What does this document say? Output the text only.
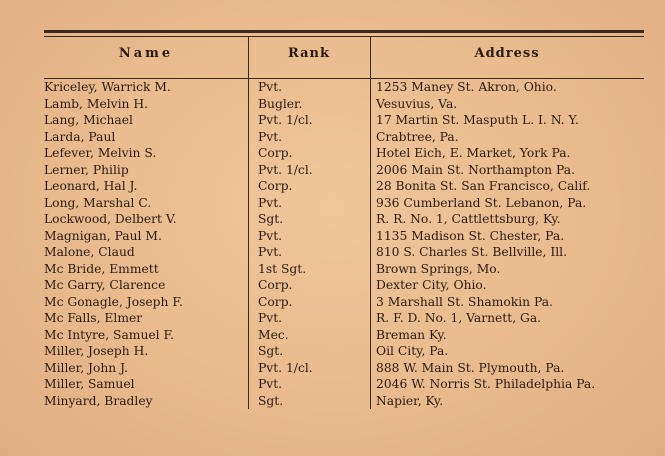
Name	Rank	Address
Kriceley, Warrick M.	Pvt.	1253 Maney St. Akron, Ohio.
Lamb, Melvin H.	Bugler.	Vesuvius, Va.
Lang, Michael	Pvt. 1/cl.	17 Martin St. Masputh L. I. N. Y.
Larda, Paul	Pvt.	Crabtree, Pa.
Lefever, Melvin S.	Corp.	Hotel Eich, E. Market, York Pa.
Lerner, Philip	Pvt. 1/cl.	2006 Main St. Northampton Pa.
Leonard, Hal J.	Corp.	28 Bonita St. San Francisco, Calif.
Long, Marshal C.	Pvt.	936 Cumberland St. Lebanon, Pa.
Lockwood, Delbert V.	Sgt.	R. R. No. 1, Cattlettsburg, Ky.
Magnigan, Paul M.	Pvt.	1135 Madison St. Chester, Pa.
Malone, Claud	Pvt.	810 S. Charles St. Bellville, Ill.
Mc Bride, Emmett	1st Sgt.	Brown Springs, Mo.
Mc Garry, Clarence	Corp.	Dexter City, Ohio.
Mc Gonagle, Joseph F.	Corp.	3 Marshall St. Shamokin Pa.
Mc Falls, Elmer	Pvt.	R. F. D. No. 1, Varnett, Ga.
Mc Intyre, Samuel F.	Mec.	Breman Ky.
Miller, Joseph H.	Sgt.	Oil City, Pa.
Miller, John J.	Pvt. 1/cl.	888 W. Main St. Plymouth, Pa.
Miller, Samuel	Pvt.	2046 W. Norris St. Philadelphia Pa.
Minyard, Bradley	Sgt.	Napier, Ky.
